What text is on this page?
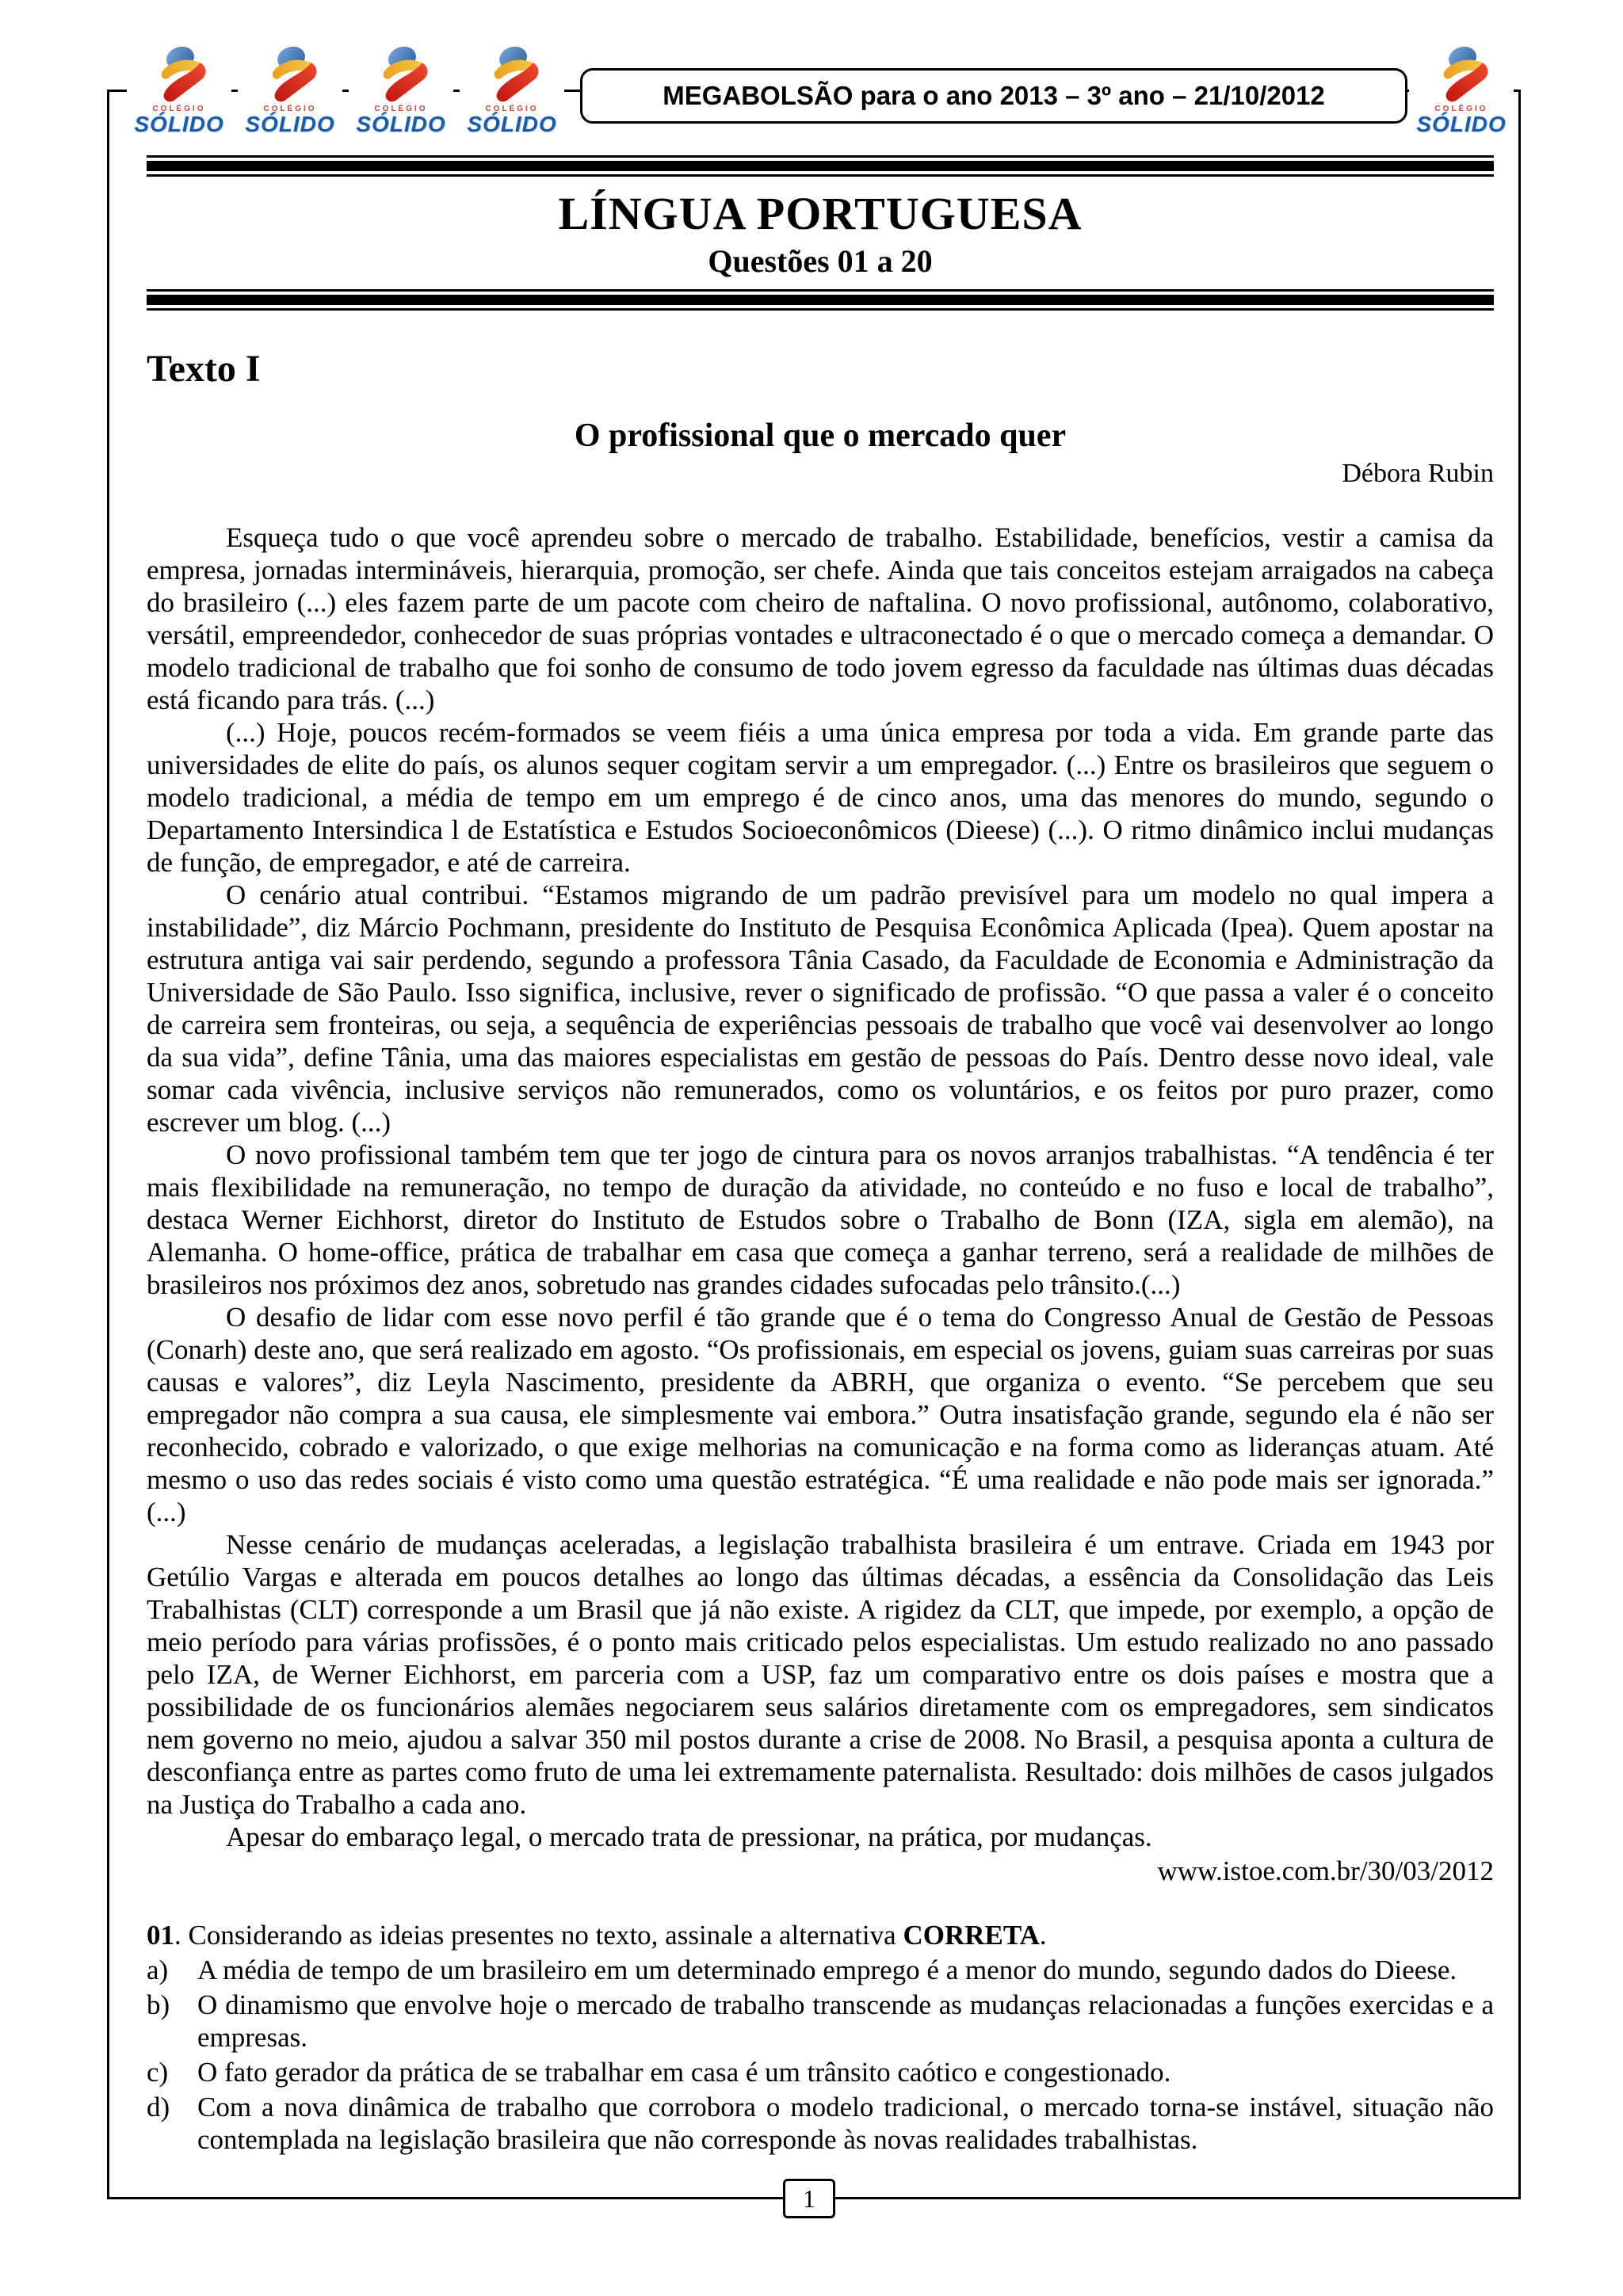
COLÉGIO
SÓLIDO
COLÉGIO
SÓLIDO
COLÉGIO
SÓLIDO
COLÉGIO
SÓLIDO
MEGABOLSÃO para o ano 2013 – 3º ano – 21/10/2012	COLÉGIO
SÓLIDO
LÍNGUA PORTUGUESA
Questões 01 a 20
Texto I
O profissional que o mercado quer
Débora Rubin

Esqueça tudo o que você aprendeu sobre o mercado de trabalho. Estabilidade, benefícios, vestir a camisa da empresa, jornadas intermináveis, hierarquia, promoção, ser chefe. Ainda que tais conceitos estejam arraigados na cabeça do brasileiro (...) eles fazem parte de um pacote com cheiro de naftalina. O novo profissional, autônomo, colaborativo, versátil, empreendedor, conhecedor de suas próprias vontades e ultraconectado é o que o mercado começa a demandar. O modelo tradicional de trabalho que foi sonho de consumo de todo jovem egresso da faculdade nas últimas duas décadas está ficando para trás. (...)

(...) Hoje, poucos recém-formados se veem fiéis a uma única empresa por toda a vida. Em grande parte das universidades de elite do país, os alunos sequer cogitam servir a um empregador. (...) Entre os brasileiros que seguem o modelo tradicional, a média de tempo em um emprego é de cinco anos, uma das menores do mundo, segundo o Departamento Intersindica l de Estatística e Estudos Socioeconômicos (Dieese) (...). O ritmo dinâmico inclui mudanças de função, de empregador, e até de carreira.

O cenário atual contribui. “Estamos migrando de um padrão previsível para um modelo no qual impera a instabilidade”, diz Márcio Pochmann, presidente do Instituto de Pesquisa Econômica Aplicada (Ipea). Quem apostar na estrutura antiga vai sair perdendo, segundo a professora Tânia Casado, da Faculdade de Economia e Administração da Universidade de São Paulo. Isso significa, inclusive, rever o significado de profissão. “O que passa a valer é o conceito de carreira sem fronteiras, ou seja, a sequência de experiências pessoais de trabalho que você vai desenvolver ao longo da sua vida”, define Tânia, uma das maiores especialistas em gestão de pessoas do País. Dentro desse novo ideal, vale somar cada vivência, inclusive serviços não remunerados, como os voluntários, e os feitos por puro prazer, como escrever um blog. (...)

O novo profissional também tem que ter jogo de cintura para os novos arranjos trabalhistas. “A tendência é ter mais flexibilidade na remuneração, no tempo de duração da atividade, no conteúdo e no fuso e local de trabalho”, destaca Werner Eichhorst, diretor do Instituto de Estudos sobre o Trabalho de Bonn (IZA, sigla em alemão), na Alemanha. O home-office, prática de trabalhar em casa que começa a ganhar terreno, será a realidade de milhões de brasileiros nos próximos dez anos, sobretudo nas grandes cidades sufocadas pelo trânsito.(...)

O desafio de lidar com esse novo perfil é tão grande que é o tema do Congresso Anual de Gestão de Pessoas (Conarh) deste ano, que será realizado em agosto. “Os profissionais, em especial os jovens, guiam suas carreiras por suas causas e valores”, diz Leyla Nascimento, presidente da ABRH, que organiza o evento. “Se percebem que seu empregador não compra a sua causa, ele simplesmente vai embora.” Outra insatisfação grande, segundo ela é não ser reconhecido, cobrado e valorizado, o que exige melhorias na comunicação e na forma como as lideranças atuam. Até mesmo o uso das redes sociais é visto como uma questão estratégica. “É uma realidade e não pode mais ser ignorada.” (...)

Nesse cenário de mudanças aceleradas, a legislação trabalhista brasileira é um entrave. Criada em 1943 por Getúlio Vargas e alterada em poucos detalhes ao longo das últimas décadas, a essência da Consolidação das Leis Trabalhistas (CLT) corresponde a um Brasil que já não existe. A rigidez da CLT, que impede, por exemplo, a opção de meio período para várias profissões, é o ponto mais criticado pelos especialistas. Um estudo realizado no ano passado pelo IZA, de Werner Eichhorst, em parceria com a USP, faz um comparativo entre os dois países e mostra que a possibilidade de os funcionários alemães negociarem seus salários diretamente com os empregadores, sem sindicatos nem governo no meio, ajudou a salvar 350 mil postos durante a crise de 2008. No Brasil, a pesquisa aponta a cultura de desconfiança entre as partes como fruto de uma lei extremamente paternalista. Resultado: dois milhões de casos julgados na Justiça do Trabalho a cada ano.

Apesar do embaraço legal, o mercado trata de pressionar, na prática, por mudanças.

www.istoe.com.br/30/03/2012
01. Considerando as ideias presentes no texto, assinale a alternativa CORRETA.
a)	A média de tempo de um brasileiro em um determinado emprego é a menor do mundo, segundo dados do Dieese.
b) O dinamismo que envolve hoje o mercado de trabalho transcende as mudanças relacionadas a funções exercidas e a empresas.
c)	O fato gerador da prática de se trabalhar em casa é um trânsito caótico e congestionado.
d) Com a nova dinâmica de trabalho que corrobora o modelo tradicional, o mercado torna-se instável, situação não contemplada na legislação brasileira que não corresponde às novas realidades trabalhistas.
1
